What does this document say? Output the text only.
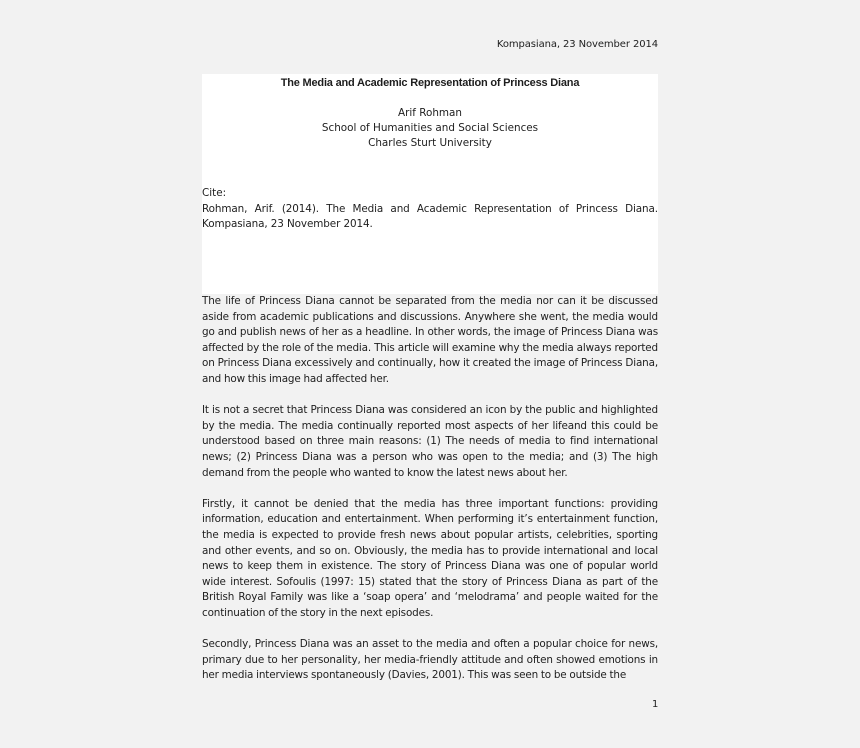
Kompasiana, 23 November 2014
The Media and Academic Representation of Princess Diana
Arif Rohman
School of Humanities and Social Sciences
Charles Sturt University
Cite:
Rohman, Arif. (2014). The Media and Academic Representation of Princess Diana. Kompasiana, 23 November 2014.

The life of Princess Diana cannot be separated from the media nor can it be discussed aside from academic publications and discussions. Anywhere she went, the media would go and publish news of her as a headline. In other words, the image of Princess Diana was affected by the role of the media. This article will examine why the media always reported on Princess Diana excessively and continually, how it created the image of Princess Diana, and how this image had affected her.

It is not a secret that Princess Diana was considered an icon by the public and highlighted by the media. The media continually reported most aspects of her lifeand this could be understood based on three main reasons: (1) The needs of media to find international news; (2) Princess Diana was a person who was open to the media; and (3) The high demand from the people who wanted to know the latest news about her.

Firstly, it cannot be denied that the media has three important functions: providing information, education and entertainment. When performing it’s entertainment function, the media is expected to provide fresh news about popular artists, celebrities, sporting and other events, and so on. Obviously, the media has to provide international and local news to keep them in existence. The story of Princess Diana was one of popular world wide interest. Sofoulis (1997: 15) stated that the story of Princess Diana as part of the British Royal Family was like a ‘soap opera’ and ‘melodrama’ and people waited for the continuation of the story in the next episodes.

Secondly, Princess Diana was an asset to the media and often a popular choice for news, primary due to her personality, her media-friendly attitude and often showed emotions in her media interviews spontaneously (Davies, 2001). This was seen to be outside the

1
